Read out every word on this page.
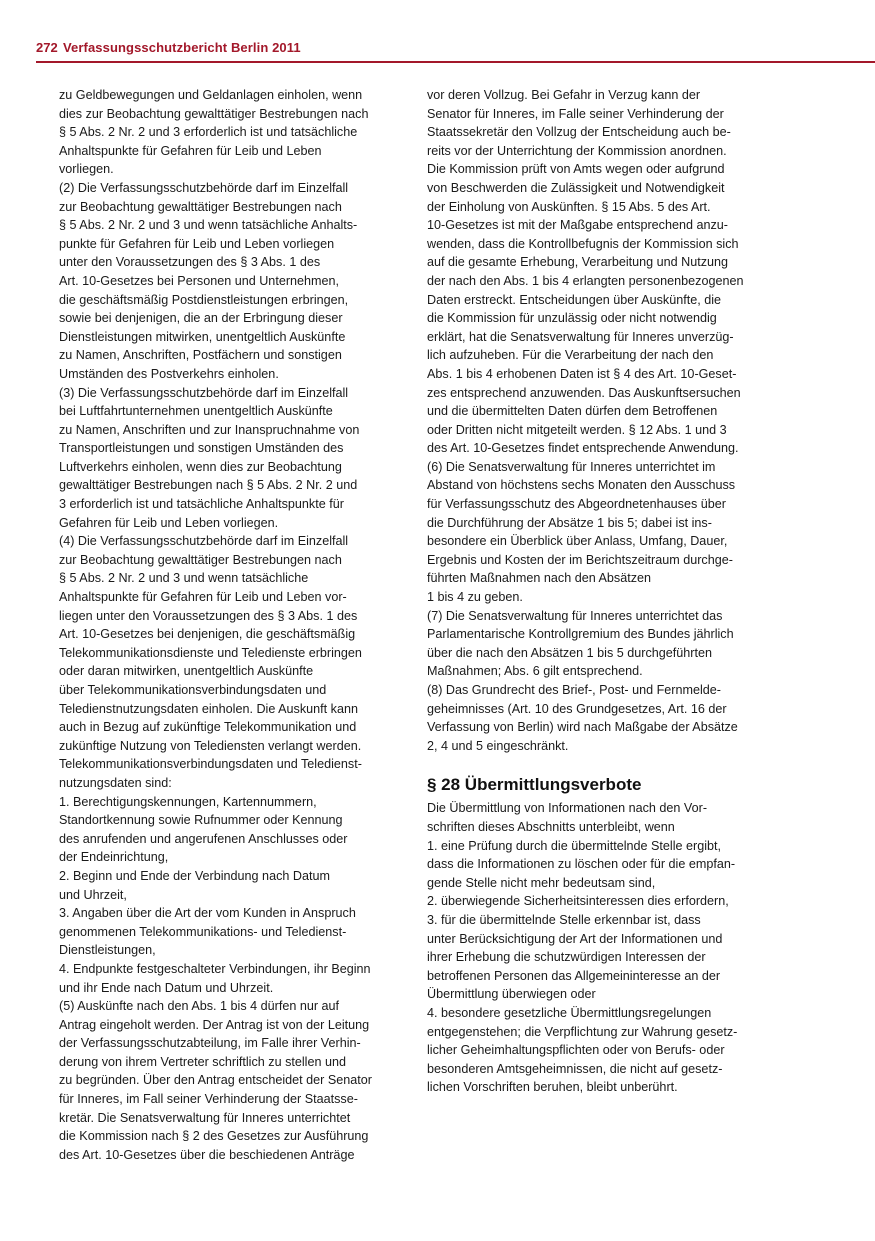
272 Verfassungsschutzbericht Berlin 2011
zu Geldbewegungen und Geldanlagen einholen, wenn
dies zur Beobachtung gewalttätiger Bestrebungen nach
§ 5 Abs. 2 Nr. 2 und 3 erforderlich ist und tatsächliche
Anhaltspunkte für Gefahren für Leib und Leben
vorliegen.
(2) Die Verfassungsschutzbehörde darf im Einzelfall
zur Beobachtung gewalttätiger Bestrebungen nach
§ 5 Abs. 2 Nr. 2 und 3 und wenn tatsächliche Anhalts-
punkte für Gefahren für Leib und Leben vorliegen
unter den Voraussetzungen des § 3 Abs. 1 des
Art. 10-Gesetzes bei Personen und Unternehmen,
die geschäftsmäßig Postdienstleistungen erbringen,
sowie bei denjenigen, die an der Erbringung dieser
Dienstleistungen mitwirken, unentgeltlich Auskünfte
zu Namen, Anschriften, Postfächern und sonstigen
Umständen des Postverkehrs einholen.
(3) Die Verfassungsschutzbehörde darf im Einzelfall
bei Luftfahrtunternehmen unentgeltlich Auskünfte
zu Namen, Anschriften und zur Inanspruchnahme von
Transportleistungen und sonstigen Umständen des
Luftverkehrs einholen, wenn dies zur Beobachtung
gewalttätiger Bestrebungen nach § 5 Abs. 2 Nr. 2 und
3 erforderlich ist und tatsächliche Anhaltspunkte für
Gefahren für Leib und Leben vorliegen.
(4) Die Verfassungsschutzbehörde darf im Einzelfall
zur Beobachtung gewalttätiger Bestrebungen nach
§ 5 Abs. 2 Nr. 2 und 3 und wenn tatsächliche
Anhaltspunkte für Gefahren für Leib und Leben vor-
liegen unter den Voraussetzungen des § 3 Abs. 1 des
Art. 10-Gesetzes bei denjenigen, die geschäftsmäßig
Telekommunikationsdienste und Teledienste erbringen
oder daran mitwirken, unentgeltlich Auskünfte
über Telekommunikationsverbindungsdaten und
Teledienstnutzungsdaten einholen. Die Auskunft kann
auch in Bezug auf zukünftige Telekommunikation und
zukünftige Nutzung von Telediensten verlangt werden.
Telekommunikationsverbindungsdaten und Teledienst-
nutzungsdaten sind:
1. Berechtigungskennungen, Kartennummern,
Standortkennung sowie Rufnummer oder Kennung
des anrufenden und angerufenen Anschlusses oder
der Endeinrichtung,
2. Beginn und Ende der Verbindung nach Datum
und Uhrzeit,
3. Angaben über die Art der vom Kunden in Anspruch
genommenen Telekommunikations- und Teledienst-
Dienstleistungen,
4. Endpunkte festgeschalteter Verbindungen, ihr Beginn
und ihr Ende nach Datum und Uhrzeit.
(5) Auskünfte nach den Abs. 1 bis 4 dürfen nur auf
Antrag eingeholt werden. Der Antrag ist von der Leitung
der Verfassungsschutzabteilung, im Falle ihrer Verhin-
derung von ihrem Vertreter schriftlich zu stellen und
zu begründen. Über den Antrag entscheidet der Senator
für Inneres, im Fall seiner Verhinderung der Staatsse-
kretär. Die Senatsverwaltung für Inneres unterrichtet
die Kommission nach § 2 des Gesetzes zur Ausführung
des Art. 10-Gesetzes über die beschiedenen Anträge
vor deren Vollzug. Bei Gefahr in Verzug kann der
Senator für Inneres, im Falle seiner Verhinderung der
Staatssekretär den Vollzug der Entscheidung auch be-
reits vor der Unterrichtung der Kommission anordnen.
Die Kommission prüft von Amts wegen oder aufgrund
von Beschwerden die Zulässigkeit und Notwendigkeit
der Einholung von Auskünften. § 15 Abs. 5 des Art.
10-Gesetzes ist mit der Maßgabe entsprechend anzu-
wenden, dass die Kontrollbefugnis der Kommission sich
auf die gesamte Erhebung, Verarbeitung und Nutzung
der nach den Abs. 1 bis 4 erlangten personenbezogenen
Daten erstreckt. Entscheidungen über Auskünfte, die
die Kommission für unzulässig oder nicht notwendig
erklärt, hat die Senatsverwaltung für Inneres unverzüg-
lich aufzuheben. Für die Verarbeitung der nach den
Abs. 1 bis 4 erhobenen Daten ist § 4 des Art. 10-Geset-
zes entsprechend anzuwenden. Das Auskunftsersuchen
und die übermittelten Daten dürfen dem Betroffenen
oder Dritten nicht mitgeteilt werden. § 12 Abs. 1 und 3
des Art. 10-Gesetzes findet entsprechende Anwendung.
(6) Die Senatsverwaltung für Inneres unterrichtet im
Abstand von höchstens sechs Monaten den Ausschuss
für Verfassungsschutz des Abgeordnetenhauses über
die Durchführung der Absätze 1 bis 5; dabei ist ins-
besondere ein Überblick über Anlass, Umfang, Dauer,
Ergebnis und Kosten der im Berichtszeitraum durchge-
führten Maßnahmen nach den Absätzen
1 bis 4 zu geben.
(7) Die Senatsverwaltung für Inneres unterrichtet das
Parlamentarische Kontrollgremium des Bundes jährlich
über die nach den Absätzen 1 bis 5 durchgeführten
Maßnahmen; Abs. 6 gilt entsprechend.
(8) Das Grundrecht des Brief-, Post- und Fernmelde-
geheimnisses (Art. 10 des Grundgesetzes, Art. 16 der
Verfassung von Berlin) wird nach Maßgabe der Absätze
2, 4 und 5 eingeschränkt.
§ 28 Übermittlungsverbote
Die Übermittlung von Informationen nach den Vor-
schriften dieses Abschnitts unterbleibt, wenn
1. eine Prüfung durch die übermittelnde Stelle ergibt,
dass die Informationen zu löschen oder für die empfan-
gende Stelle nicht mehr bedeutsam sind,
2. überwiegende Sicherheitsinteressen dies erfordern,
3. für die übermittelnde Stelle erkennbar ist, dass
unter Berücksichtigung der Art der Informationen und
ihrer Erhebung die schutzwürdigen Interessen der
betroffenen Personen das Allgemeininteresse an der
Übermittlung überwiegen oder
4. besondere gesetzliche Übermittlungsregelungen
entgegenstehen; die Verpflichtung zur Wahrung gesetz-
licher Geheimhaltungspflichten oder von Berufs- oder
besonderen Amtsgeheimnissen, die nicht auf gesetz-
lichen Vorschriften beruhen, bleibt unberührt.
